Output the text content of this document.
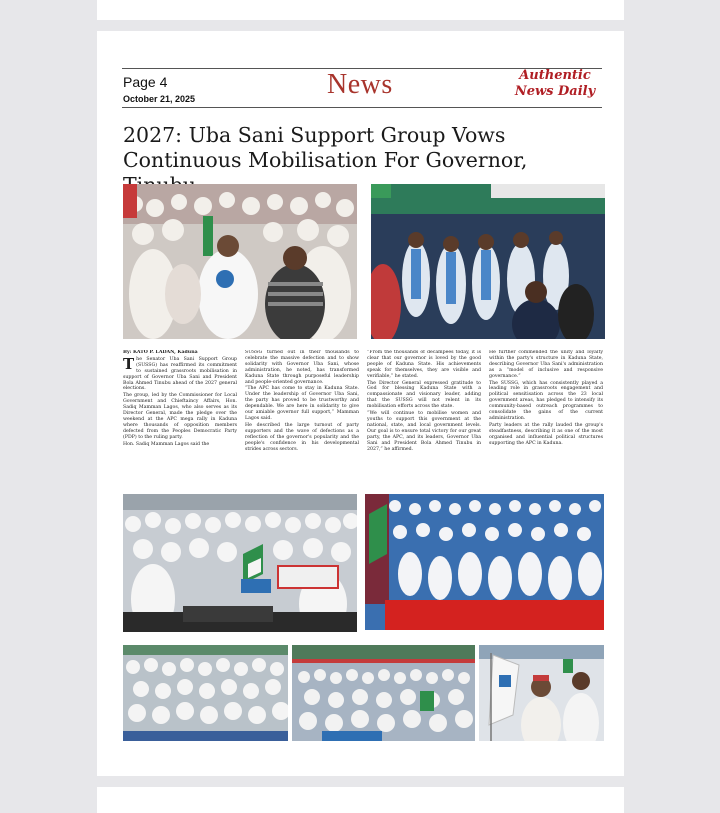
Page 4
October 21, 2025	News	Authentic
News Daily
2027: Uba Sani Support Group Vows Continuous Mobilisation For Governor,

By: KATO P. LADAN, Kaduna

The Senator Uba Sani Support Group (SUSSG) has reaffirmed its commitment to sustained grassroots mobilisation in support of Governor Uba Sani and President Bola Ahmed Tinubu ahead of the 2027 general elections.

The group, led by the Commissioner for Local Government and Chieftaincy Affairs, Hon. Sadiq Mamman Lagos, who also serves as its Director General, made the pledge over the weekend at the APC mega rally in Kaduna where thousands of opposition members defected from the Peoples Democratic Party (PDP) to the ruling party.

Hon. Sadiq Mamman Lagos said the

SUSSG turned out in their thousands to celebrate the massive defection and to show solidarity with Governor Uba Sani, whose administration, he noted, has transformed Kaduna State through purposeful leadership and people-oriented governance.

“The APC has come to stay in Kaduna State. Under the leadership of Governor Uba Sani, the party has proved to be trustworthy and dependable. We are here in solidarity to give our amiable governor full support,” Mamman Lagos said.

He described the large turnout of party supporters and the wave of defections as a reflection of the governor's popularity and the people's confidence in his developmental strides across sectors.

“From the thousands of decampees today, it is clear that our governor is loved by the good people of Kaduna State. His achievements speak for themselves, they are visible and verifiable,” he stated.

The Director General expressed gratitude to God for blessing Kaduna State with a compassionate and visionary leader, adding that the SUSSG will not relent in its mobilisation efforts across the state.

“We will continue to mobilise women and youths to support this government at the national, state, and local government levels. Our goal is to ensure total victory for our great party, the APC, and its leaders, Governor Uba Sani and President Bola Ahmed Tinubu in 2027,” he affirmed.

He further commended the unity and loyalty within the party's structure in Kaduna State, describing Governor Uba Sani's administration as a “model of inclusive and responsive governance.”

The SUSSG, which has consistently played a leading role in grassroots engagement and political sensitisation across the 23 local government areas, has pledged to intensify its community-based outreach programmes to consolidate the gains of the current administration.

Party leaders at the rally lauded the group's steadfastness, describing it as one of the most organised and influential political structures supporting the APC in Kaduna.
